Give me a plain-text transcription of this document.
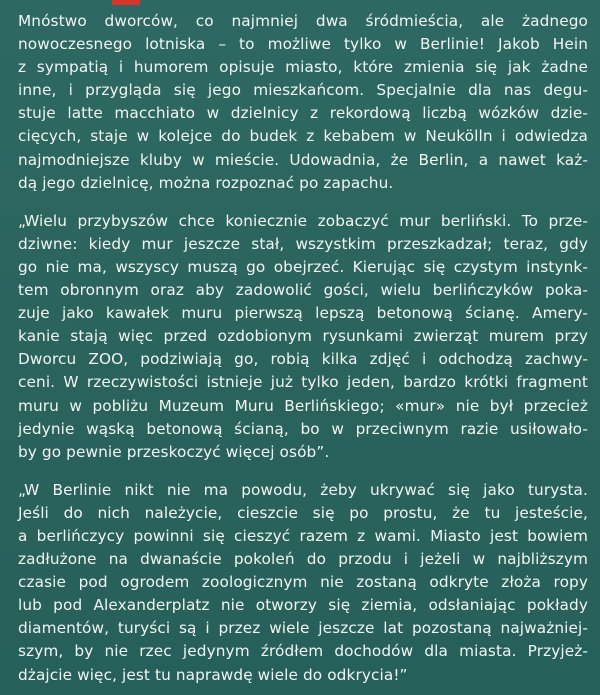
Mnóstwo dworców, co najmniej dwa śródmieścia, ale żadnego
nowoczesnego lotniska – to możliwe tylko w Berlinie! Jakob Hein
z sympatią i humorem opisuje miasto, które zmienia się jak żadne
inne, i przygląda się jego mieszkańcom. Specjalnie dla nas degu-
stuje latte macchiato w dzielnicy z rekordową liczbą wózków dzie-
cięcych, staje w kolejce do budek z kebabem w Neukölln i odwiedza
najmodniejsze kluby w mieście. Udowadnia, że Berlin, a nawet każ-
dą jego dzielnicę, można rozpoznać po zapachu.

„Wielu przybyszów chce koniecznie zobaczyć mur berliński. To prze-
dziwne: kiedy mur jeszcze stał, wszystkim przeszkadzał; teraz, gdy
go nie ma, wszyscy muszą go obejrzeć. Kierując się czystym instynk-
tem obronnym oraz aby zadowolić gości, wielu berlińczyków poka-
zuje jako kawałek muru pierwszą lepszą betonową ścianę. Amery-
kanie stają więc przed ozdobionym rysunkami zwierząt murem przy
Dworcu ZOO, podziwiają go, robią kilka zdjęć i odchodzą zachwy-
ceni. W rzeczywistości istnieje już tylko jeden, bardzo krótki fragment
muru w pobliżu Muzeum Muru Berlińskiego; «mur» nie był przecież
jedynie wąską betonową ścianą, bo w przeciwnym razie usiłowało-
by go pewnie przeskoczyć więcej osób”.

„W Berlinie nikt nie ma powodu, żeby ukrywać się jako turysta.
Jeśli do nich należycie, cieszcie się po prostu, że tu jesteście,
a berlińczycy powinni się cieszyć razem z wami. Miasto jest bowiem
zadłużone na dwanaście pokoleń do przodu i jeżeli w najbliższym
czasie pod ogrodem zoologicznym nie zostaną odkryte złoża ropy
lub pod Alexanderplatz nie otworzy się ziemia, odsłaniając pokłady
diamentów, turyści są i przez wiele jeszcze lat pozostaną najważniej-
szym, by nie rzec jedynym źródłem dochodów dla miasta. Przyjeż-
dżajcie więc, jest tu naprawdę wiele do odkrycia!”
